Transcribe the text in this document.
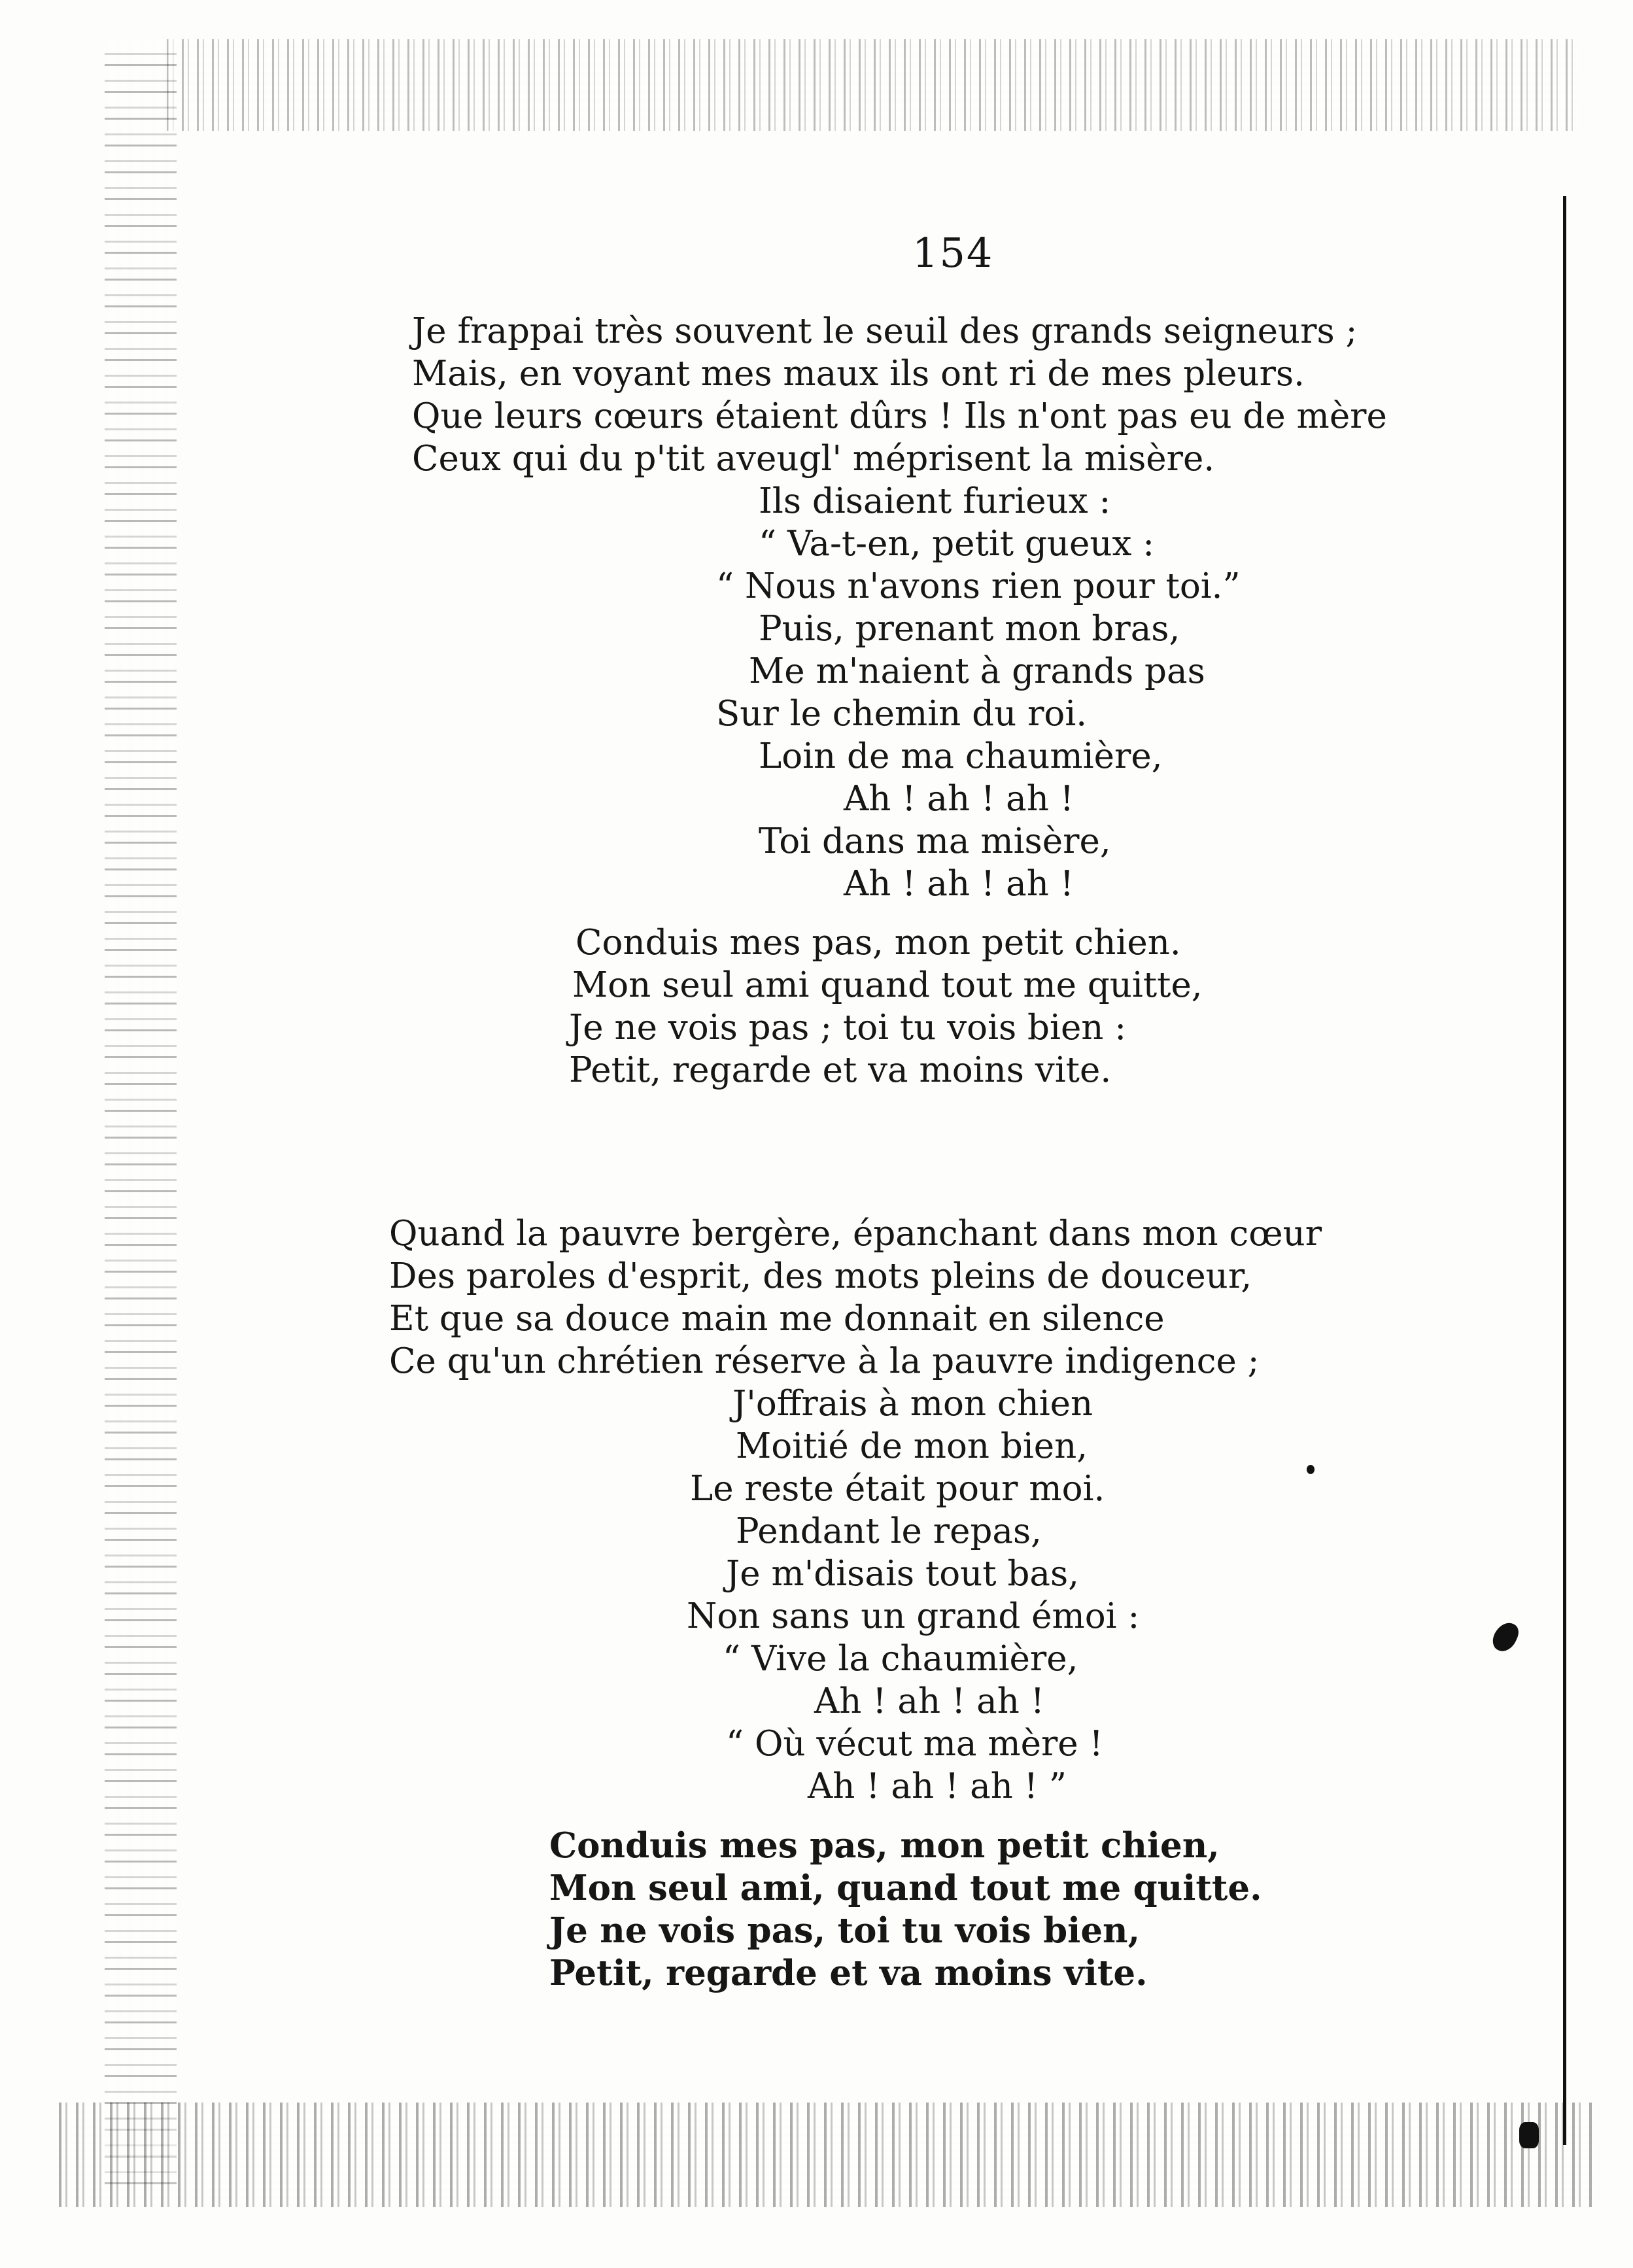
154
Je frappai très souvent le seuil des grands seigneurs ;
Mais, en voyant mes maux ils ont ri de mes pleurs.
Que leurs cœurs étaient dûrs ! Ils n'ont pas eu de mère
Ceux qui du p'tit aveugl' méprisent la misère.
Ils disaient furieux :
“ Va-t-en, petit gueux :
“ Nous n'avons rien pour toi.”
Puis, prenant mon bras,
Me m'naient à grands pas
Sur le chemin du roi.
Loin de ma chaumière,
Ah ! ah ! ah !
Toi dans ma misère,
Ah ! ah ! ah !
Conduis mes pas, mon petit chien.
Mon seul ami quand tout me quitte,
Je ne vois pas ; toi tu vois bien :
Petit, regarde et va moins vite.
Quand la pauvre bergère, épanchant dans mon cœur
Des paroles d'esprit, des mots pleins de douceur,
Et que sa douce main me donnait en silence
Ce qu'un chrétien réserve à la pauvre indigence ;
J'offrais à mon chien
Moitié de mon bien,
Le reste était pour moi.
Pendant le repas,
Je m'disais tout bas,
Non sans un grand émoi :
“ Vive la chaumière,
Ah ! ah ! ah !
“ Où vécut ma mère !
Ah ! ah ! ah ! ”
Conduis mes pas, mon petit chien,
Mon seul ami, quand tout me quitte.
Je ne vois pas, toi tu vois bien,
Petit, regarde et va moins vite.
